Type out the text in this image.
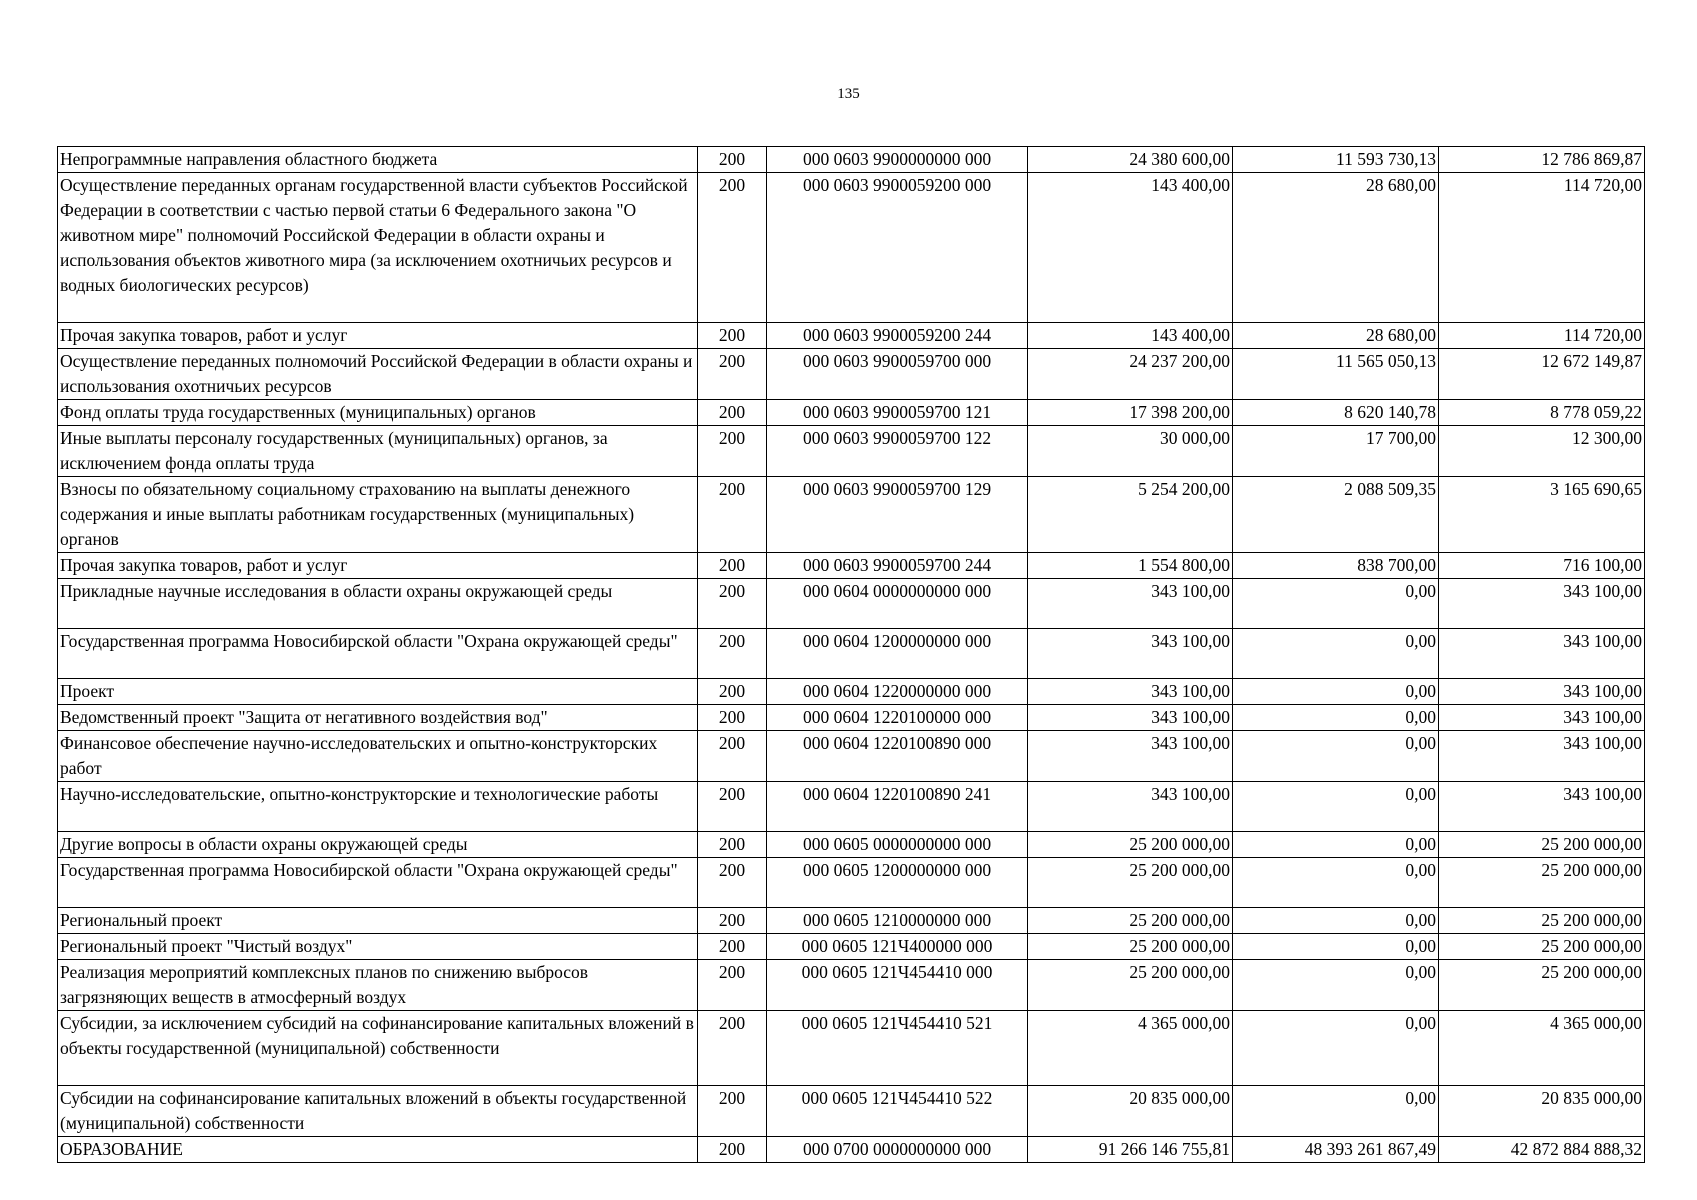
135
Непрограммные направления областного бюджета	200	000 0603 9900000000 000	24 380 600,00	11 593 730,13	12 786 869,87
Осуществление переданных органам государственной власти субъектов Российской Федерации в соответствии с частью первой статьи 6 Федерального закона "О животном мире" полномочий Российской Федерации в области охраны и использования объектов животного мира (за исключением охотничьих ресурсов и водных биологических ресурсов)	200	000 0603 9900059200 000	143 400,00	28 680,00	114 720,00
Прочая закупка товаров, работ и услуг	200	000 0603 9900059200 244	143 400,00	28 680,00	114 720,00
Осуществление переданных полномочий Российской Федерации в области охраны и использования охотничьих ресурсов	200	000 0603 9900059700 000	24 237 200,00	11 565 050,13	12 672 149,87
Фонд оплаты труда государственных (муниципальных) органов	200	000 0603 9900059700 121	17 398 200,00	8 620 140,78	8 778 059,22
Иные выплаты персоналу государственных (муниципальных) органов, за исключением фонда оплаты труда	200	000 0603 9900059700 122	30 000,00	17 700,00	12 300,00
Взносы по обязательному социальному страхованию на выплаты денежного содержания и иные выплаты работникам государственных (муниципальных) органов	200	000 0603 9900059700 129	5 254 200,00	2 088 509,35	3 165 690,65
Прочая закупка товаров, работ и услуг	200	000 0603 9900059700 244	1 554 800,00	838 700,00	716 100,00
Прикладные научные исследования в области охраны окружающей среды	200	000 0604 0000000000 000	343 100,00	0,00	343 100,00
Государственная программа Новосибирской области "Охрана окружающей среды"	200	000 0604 1200000000 000	343 100,00	0,00	343 100,00
Проект	200	000 0604 1220000000 000	343 100,00	0,00	343 100,00
Ведомственный проект "Защита от негативного воздействия вод"	200	000 0604 1220100000 000	343 100,00	0,00	343 100,00
Финансовое обеспечение научно-исследовательских и опытно-конструкторских работ	200	000 0604 1220100890 000	343 100,00	0,00	343 100,00
Научно-исследовательские, опытно-конструкторские и технологические работы	200	000 0604 1220100890 241	343 100,00	0,00	343 100,00
Другие вопросы в области охраны окружающей среды	200	000 0605 0000000000 000	25 200 000,00	0,00	25 200 000,00
Государственная программа Новосибирской области "Охрана окружающей среды"	200	000 0605 1200000000 000	25 200 000,00	0,00	25 200 000,00
Региональный проект	200	000 0605 1210000000 000	25 200 000,00	0,00	25 200 000,00
Региональный проект "Чистый воздух"	200	000 0605 121Ч400000 000	25 200 000,00	0,00	25 200 000,00
Реализация мероприятий комплексных планов по снижению выбросов загрязняющих веществ в атмосферный воздух	200	000 0605 121Ч454410 000	25 200 000,00	0,00	25 200 000,00
Субсидии, за исключением субсидий на софинансирование капитальных вложений в объекты государственной (муниципальной) собственности	200	000 0605 121Ч454410 521	4 365 000,00	0,00	4 365 000,00
Субсидии на софинансирование капитальных вложений в объекты государственной (муниципальной) собственности	200	000 0605 121Ч454410 522	20 835 000,00	0,00	20 835 000,00
ОБРАЗОВАНИЕ	200	000 0700 0000000000 000	91 266 146 755,81	48 393 261 867,49	42 872 884 888,32
